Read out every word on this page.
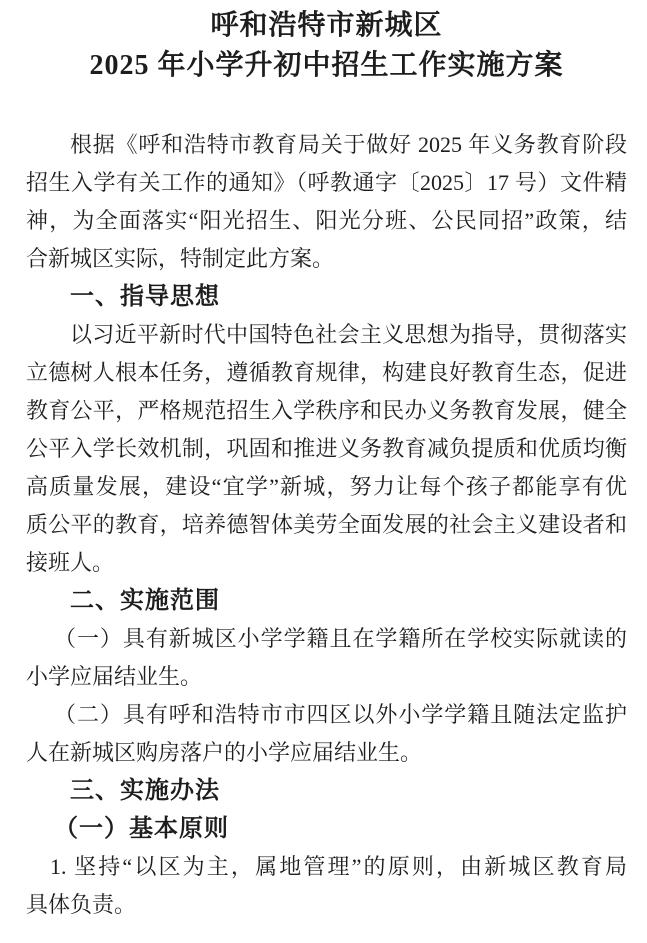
呼和浩特市新城区
2025 年小学升初中招生工作实施方案
根据《呼和浩特市教育局关于做好 2025 年义务教育阶段
招生入学有关工作的通知》（呼教通字〔2025〕17 号）文件精
神，为全面落实“阳光招生、阳光分班、公民同招”政策，结
合新城区实际，特制定此方案。
一、指导思想
以习近平新时代中国特色社会主义思想为指导，贯彻落实
立德树人根本任务，遵循教育规律，构建良好教育生态，促进
教育公平，严格规范招生入学秩序和民办义务教育发展，健全
公平入学长效机制，巩固和推进义务教育减负提质和优质均衡
高质量发展，建设“宜学”新城，努力让每个孩子都能享有优
质公平的教育，培养德智体美劳全面发展的社会主义建设者和
接班人。
二、实施范围
（一）具有新城区小学学籍且在学籍所在学校实际就读的
小学应届结业生。
（二）具有呼和浩特市市四区以外小学学籍且随法定监护
人在新城区购房落户的小学应届结业生。
三、实施办法
（一）基本原则
1. 坚持“以区为主，属地管理”的原则，由新城区教育局
具体负责。
